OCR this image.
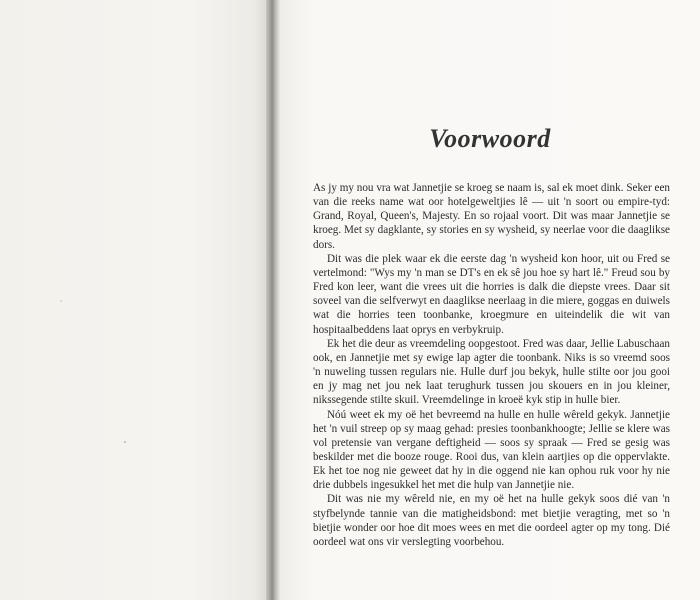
Voorwoord

As jy my nou vra wat Jannetjie se kroeg se naam is, sal ek moet dink. Seker een van die reeks name wat oor hotelgeweltjies lê — uit 'n soort ou empire-tyd: Grand, Royal, Queen's, Majesty. En so rojaal voort. Dit was maar Jannetjie se kroeg. Met sy dagklante, sy stories en sy wysheid, sy neerlae voor die daaglikse dors.

Dit was die plek waar ek die eerste dag 'n wysheid kon hoor, uit ou Fred se vertelmond: "Wys my 'n man se DT's en ek sê jou hoe sy hart lê." Freud sou by Fred kon leer, want die vrees uit die horries is dalk die diepste vrees. Daar sit soveel van die selfverwyt en daaglikse neerlaag in die miere, goggas en duiwels wat die horries teen toonbanke, kroegmure en uiteindelik die wit van hospitaalbeddens laat oprys en verbykruip.

Ek het die deur as vreemdeling oopgestoot. Fred was daar, Jellie Labuschaan ook, en Jannetjie met sy ewige lap agter die toonbank. Niks is so vreemd soos 'n nuweling tussen regulars nie. Hulle durf jou bekyk, hulle stilte oor jou gooi en jy mag net jou nek laat terughurk tussen jou skouers en in jou kleiner, nikssegende stilte skuil. Vreemdelinge in kroeë kyk stip in hulle bier.

Nóú weet ek my oë het bevreemd na hulle en hulle wêreld gekyk. Jannetjie het 'n vuil streep op sy maag gehad: presies toonbankhoogte; Jellie se klere was vol pretensie van vergane deftigheid — soos sy spraak — Fred se gesig was beskilder met die booze rouge. Rooi dus, van klein aartjies op die oppervlakte. Ek het toe nog nie geweet dat hy in die oggend nie kan ophou ruk voor hy nie drie dubbels ingesukkel het met die hulp van Jannetjie nie.

Dit was nie my wêreld nie, en my oë het na hulle gekyk soos dié van 'n styfbelynde tannie van die matigheidsbond: met bietjie veragting, met so 'n bietjie wonder oor hoe dit moes wees en met die oordeel agter op my tong. Dié oordeel wat ons vir verslegting voorbehou.
